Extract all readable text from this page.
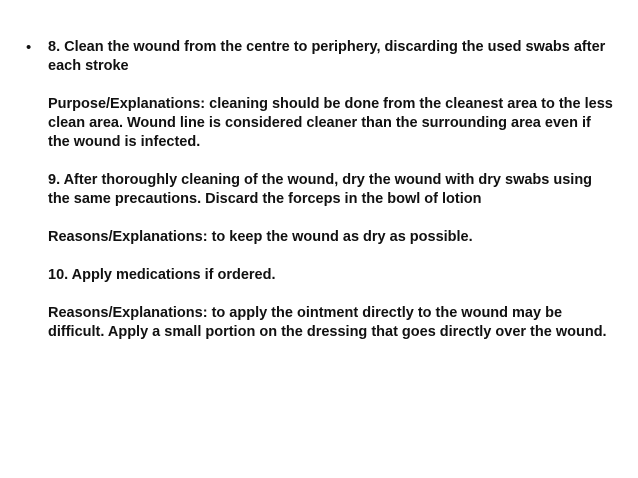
•	8. Clean the wound from the centre to periphery, discarding the used swabs after each stroke

Purpose/Explanations: cleaning should be done from the cleanest area to the less clean area. Wound line is considered cleaner than the surrounding area even if the wound is infected.

9. After thoroughly cleaning of the wound, dry the wound with dry swabs using the same precautions. Discard the forceps in the bowl of lotion

Reasons/Explanations: to keep the wound as dry as possible.

10. Apply medications if ordered.

Reasons/Explanations: to apply the ointment directly to the wound may be difficult. Apply a small portion on the dressing that goes directly over the wound.
